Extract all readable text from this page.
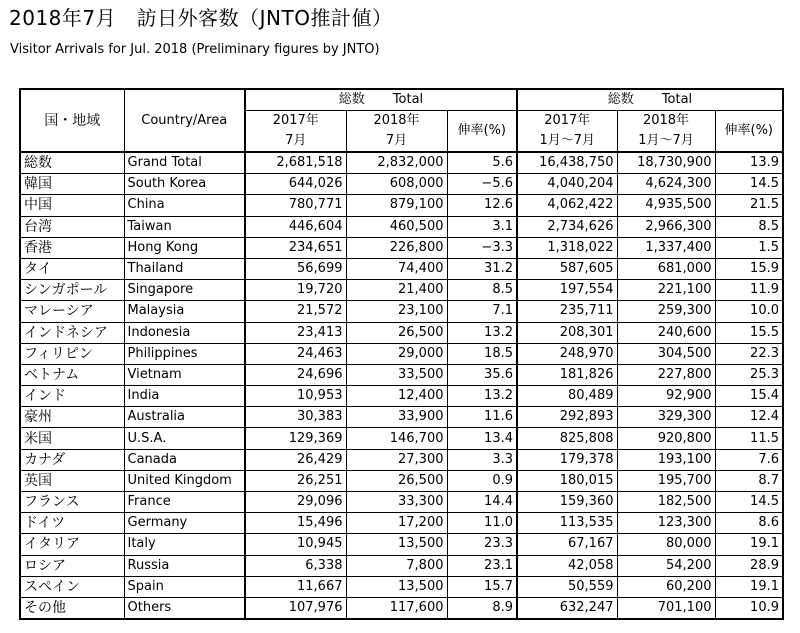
2018年7月　訪日外客数（JNTO推計値）
Visitor Arrivals for Jul. 2018 (Preliminary figures by JNTO)
国・地域	Country/Area	総数 Total			総数 Total		
		2017年	2018年	伸率(%)	2017年	2018年	伸率(%)
		7月	7月		1月～7月	1月～7月	
総数	Grand Total	2,681,518	2,832,000	5.6	16,438,750	18,730,900	13.9
韓国	South Korea	644,026	608,000	−5.6	4,040,204	4,624,300	14.5
中国	China	780,771	879,100	12.6	4,062,422	4,935,500	21.5
台湾	Taiwan	446,604	460,500	3.1	2,734,626	2,966,300	8.5
香港	Hong Kong	234,651	226,800	−3.3	1,318,022	1,337,400	1.5
タイ	Thailand	56,699	74,400	31.2	587,605	681,000	15.9
シンガポール	Singapore	19,720	21,400	8.5	197,554	221,100	11.9
マレーシア	Malaysia	21,572	23,100	7.1	235,711	259,300	10.0
インドネシア	Indonesia	23,413	26,500	13.2	208,301	240,600	15.5
フィリピン	Philippines	24,463	29,000	18.5	248,970	304,500	22.3
ベトナム	Vietnam	24,696	33,500	35.6	181,826	227,800	25.3
インド	India	10,953	12,400	13.2	80,489	92,900	15.4
豪州	Australia	30,383	33,900	11.6	292,893	329,300	12.4
米国	U.S.A.	129,369	146,700	13.4	825,808	920,800	11.5
カナダ	Canada	26,429	27,300	3.3	179,378	193,100	7.6
英国	United Kingdom	26,251	26,500	0.9	180,015	195,700	8.7
フランス	France	29,096	33,300	14.4	159,360	182,500	14.5
ドイツ	Germany	15,496	17,200	11.0	113,535	123,300	8.6
イタリア	Italy	10,945	13,500	23.3	67,167	80,000	19.1
ロシア	Russia	6,338	7,800	23.1	42,058	54,200	28.9
スペイン	Spain	11,667	13,500	15.7	50,559	60,200	19.1
その他	Others	107,976	117,600	8.9	632,247	701,100	10.9
